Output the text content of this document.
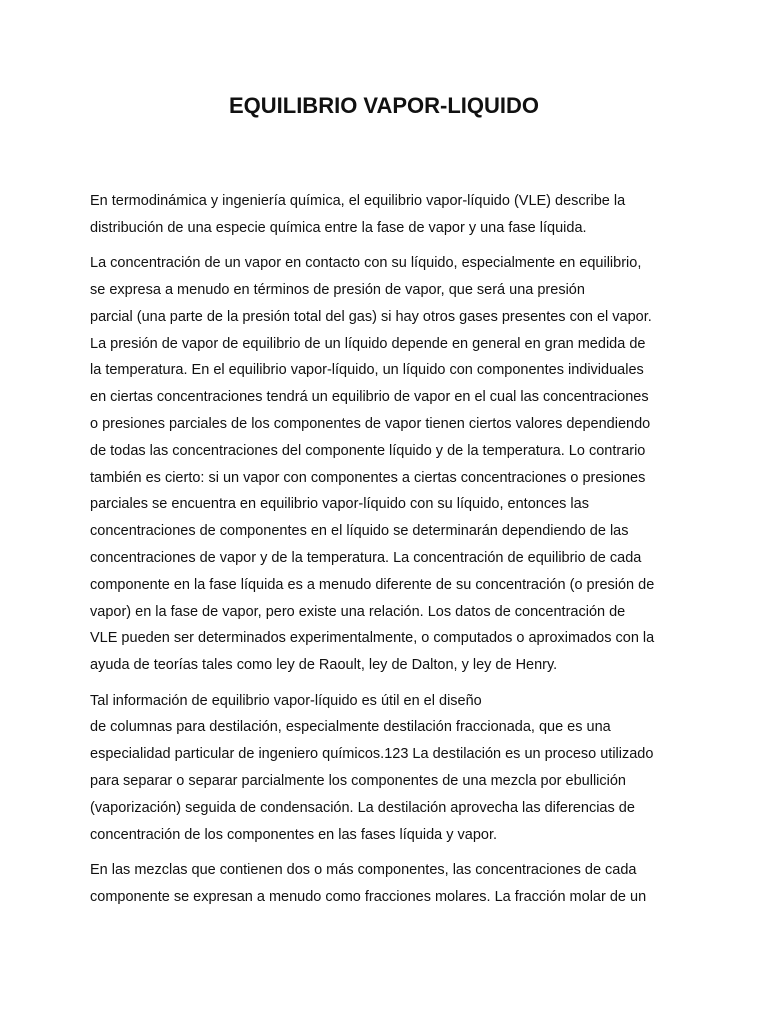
EQUILIBRIO VAPOR-LIQUIDO

En termodinámica y ingeniería química, el equilibrio vapor-líquido (VLE) describe la
distribución de una especie química entre la fase de vapor y una fase líquida.

La concentración de un vapor en contacto con su líquido, especialmente en equilibrio,
se expresa a menudo en términos de presión de vapor, que será una presión
parcial (una parte de la presión total del gas) si hay otros gases presentes con el vapor.
La presión de vapor de equilibrio de un líquido depende en general en gran medida de
la temperatura. En el equilibrio vapor-líquido, un líquido con componentes individuales
en ciertas concentraciones tendrá un equilibrio de vapor en el cual las concentraciones
o presiones parciales de los componentes de vapor tienen ciertos valores dependiendo
de todas las concentraciones del componente líquido y de la temperatura. Lo contrario
también es cierto: si un vapor con componentes a ciertas concentraciones o presiones
parciales se encuentra en equilibrio vapor-líquido con su líquido, entonces las
concentraciones de componentes en el líquido se determinarán dependiendo de las
concentraciones de vapor y de la temperatura. La concentración de equilibrio de cada
componente en la fase líquida es a menudo diferente de su concentración (o presión de
vapor) en la fase de vapor, pero existe una relación. Los datos de concentración de
VLE pueden ser determinados experimentalmente, o computados o aproximados con la
ayuda de teorías tales como ley de Raoult, ley de Dalton, y ley de Henry.

Tal información de equilibrio vapor-líquido es útil en el diseño
de columnas para destilación, especialmente destilación fraccionada, que es una
especialidad particular de ingeniero químicos.123 La destilación es un proceso utilizado
para separar o separar parcialmente los componentes de una mezcla por ebullición
(vaporización) seguida de condensación. La destilación aprovecha las diferencias de
concentración de los componentes en las fases líquida y vapor.

En las mezclas que contienen dos o más componentes, las concentraciones de cada
componente se expresan a menudo como fracciones molares. La fracción molar de un
